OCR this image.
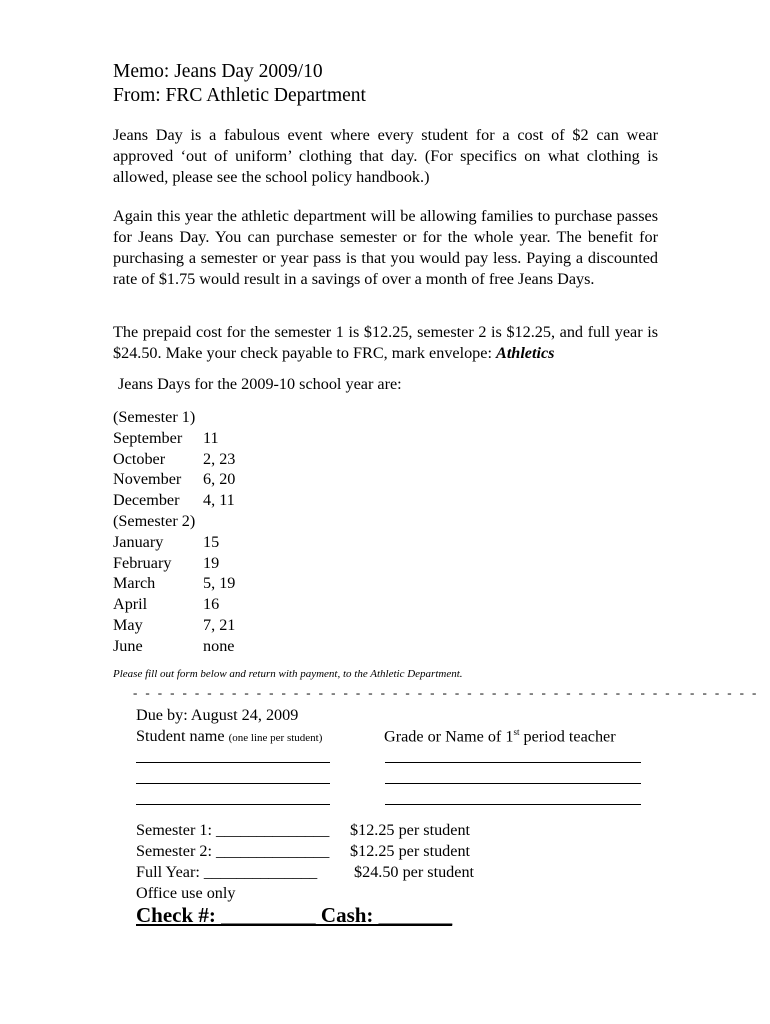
Memo: Jeans Day 2009/10
From: FRC Athletic Department
Jeans Day is a fabulous event where every student for a cost of $2 can wear approved ‘out of uniform’ clothing that day. (For specifics on what clothing is allowed, please see the school policy handbook.)
Again this year the athletic department will be allowing families to purchase passes for Jeans Day. You can purchase semester or for the whole year. The benefit for purchasing a semester or year pass is that you would pay less. Paying a discounted rate of $1.75 would result in a savings of over a month of free Jeans Days.
The prepaid cost for the semester 1 is $12.25, semester 2 is $12.25, and full year is $24.50. Make your check payable to FRC, mark envelope: Athletics
Jeans Days for the 2009-10 school year are:
(Semester 1)
September 11
October 2, 23
November 6, 20
December 4, 11
(Semester 2)
January 15
February 19
March	5, 19
April	16
May	7, 21
June	none
Please fill out form below and return with payment, to the Athletic Department.
- - - - - - - - - - - - - - - - - - - - - - - - - - - - - - - - - - - - - - - - - - - - - - - - - - -
Due by: August 24, 2009
Student name (one line per student)	Grade or Name of 1st period teacher
Semester 1: ______________ $12.25 per student
Semester 2: ______________ $12.25 per student
Full Year: ______________ $24.50 per student
Office use only
Check #: _________ Cash: _______
